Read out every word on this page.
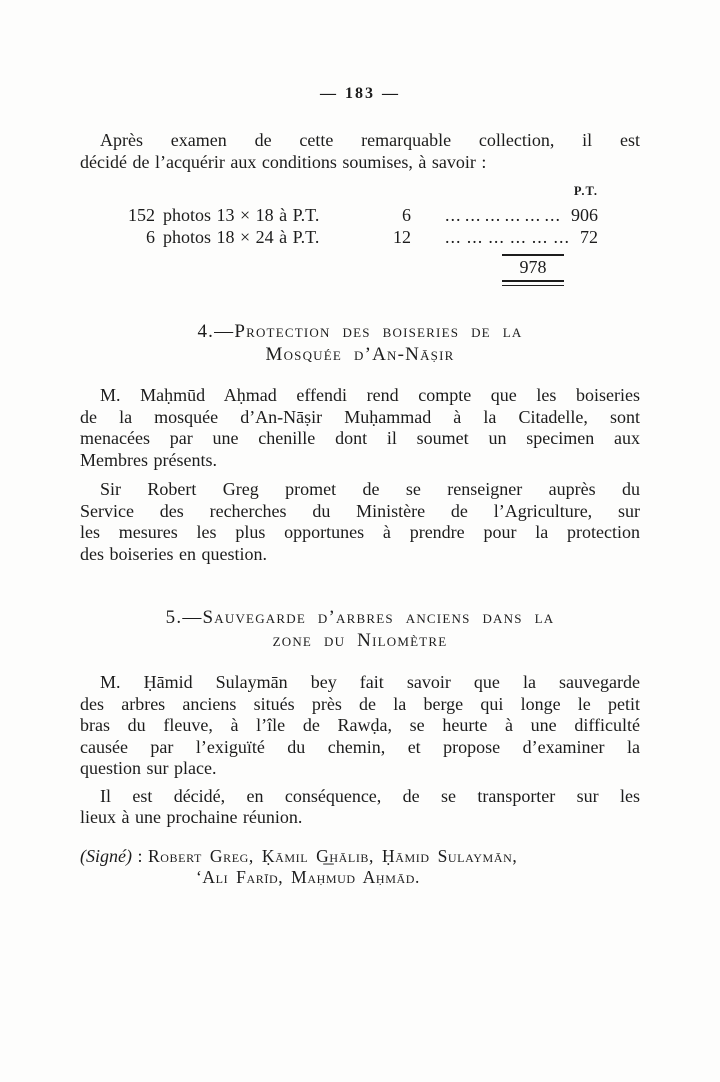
— 183 —
Après examen de cette remarquable collection, il est
décidé de l’acquérir aux conditions soumises, à savoir :
P.T.
152 photos 13 × 18 à P.T.	6 ... ... ... ... ... ... 906
6 photos 18 × 24 à P.T.	12 ... ... ... ... ... ... 72
978
4.—Protection des boiseries de la
Mosquée d’An-Nāṣir
M. Maḥmūd Aḥmad effendi rend compte que les boiseries
de la mosquée d’An-Nāṣir Muḥammad à la Citadelle, sont
menacées par une chenille dont il soumet un specimen aux
Membres présents.
Sir Robert Greg promet de se renseigner auprès du
Service des recherches du Ministère de l’Agriculture, sur
les mesures les plus opportunes à prendre pour la protection
des boiseries en question.
5.—Sauvegarde d’arbres anciens dans la
zone du Nilomètre
M. Ḥāmid Sulaymān bey fait savoir que la sauvegarde
des arbres anciens situés près de la berge qui longe le petit
bras du fleuve, à l’île de Rawḍa, se heurte à une difficulté
causée par l’exiguïté du chemin, et propose d’examiner la
question sur place.
Il est décidé, en conséquence, de se transporter sur les
lieux à une prochaine réunion.
(Signé) : Robert Greg, Ḳāmil G͟hālib, Ḥāmid Sulaymān,
‘Ali Farīd, Maḥmud Aḥmād.
